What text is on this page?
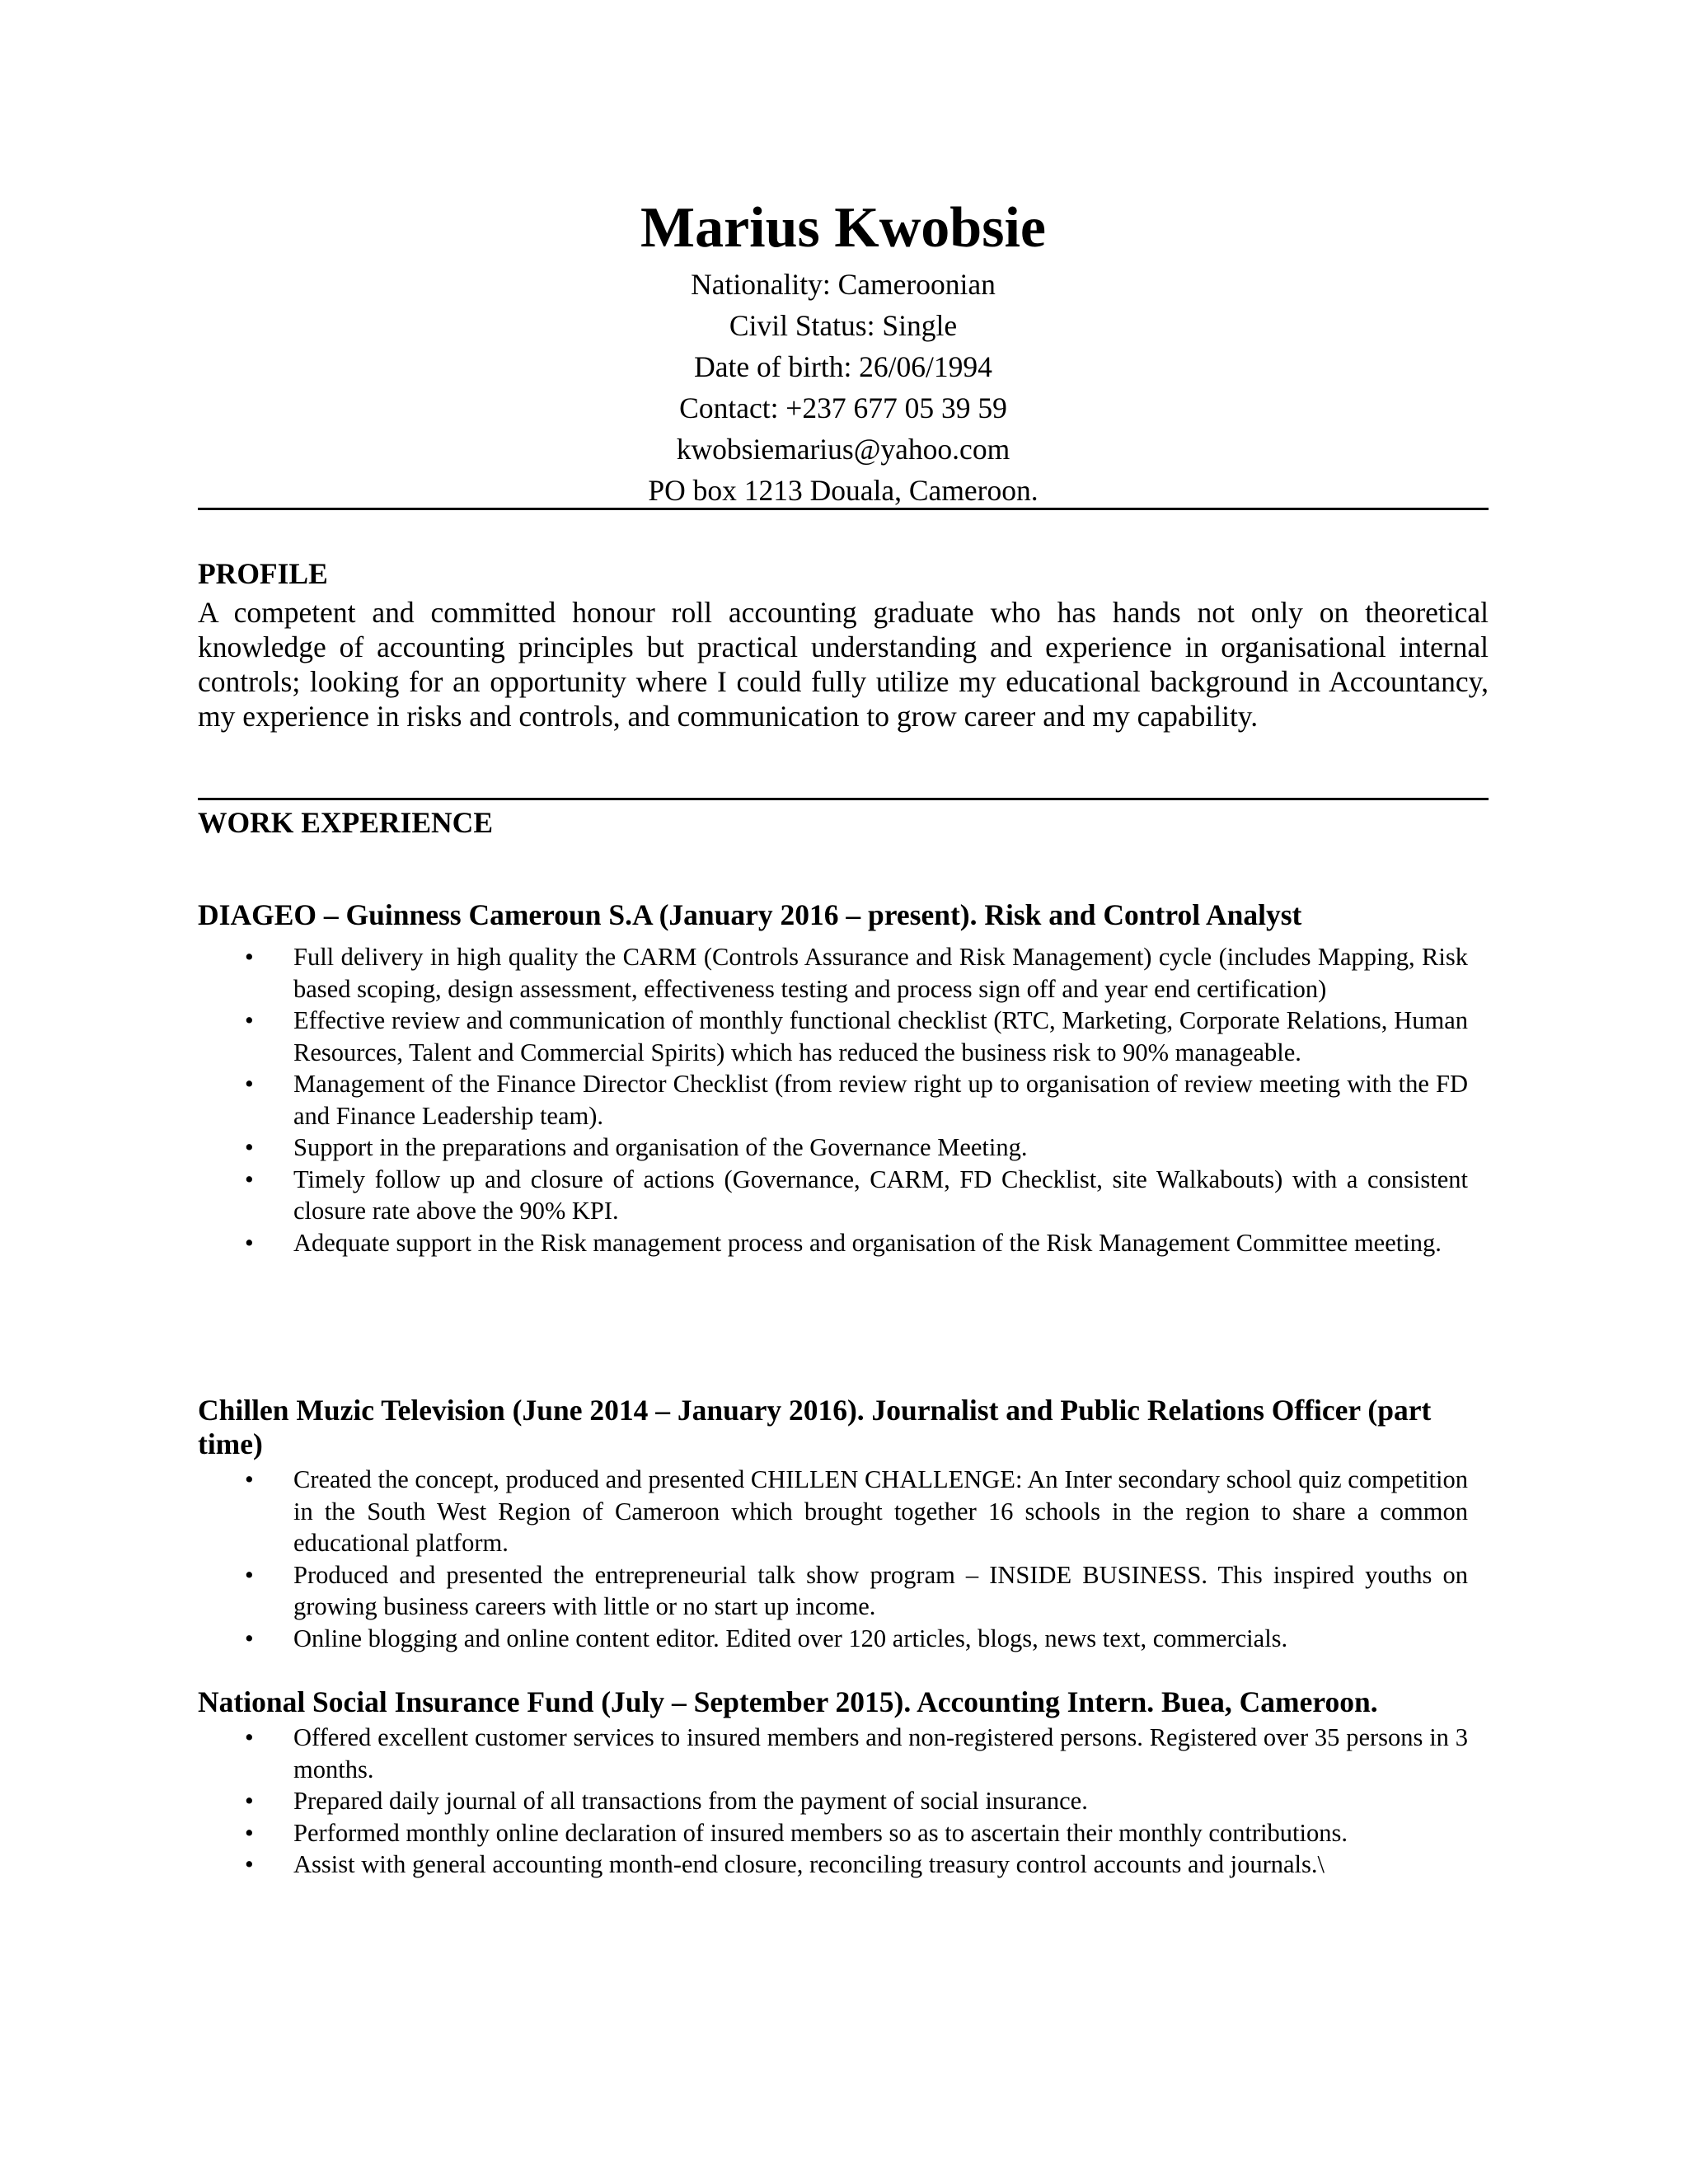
Marius Kwobsie
Nationality: Cameroonian
Civil Status: Single
Date of birth: 26/06/1994
Contact: +237 677 05 39 59
kwobsiemarius@yahoo.com
PO box 1213 Douala, Cameroon.
PROFILE

A competent and committed honour roll accounting graduate who has hands not only on theoretical knowledge of accounting principles but practical understanding and experience in organisational internal controls; looking for an opportunity where I could fully utilize my educational background in Accountancy, my experience in risks and controls, and communication to grow career and my capability.

WORK EXPERIENCE

DIAGEO – Guinness Cameroun S.A (January 2016 – present). Risk and Control Analyst

• Full delivery in high quality the CARM (Controls Assurance and Risk Management) cycle (includes Mapping, Risk based scoping, design assessment, effectiveness testing and process sign off and year end certification)
• Effective review and communication of monthly functional checklist (RTC, Marketing, Corporate Relations, Human Resources, Talent and Commercial Spirits) which has reduced the business risk to 90% manageable.
• Management of the Finance Director Checklist (from review right up to organisation of review meeting with the FD and Finance Leadership team).
• Support in the preparations and organisation of the Governance Meeting.
• Timely follow up and closure of actions (Governance, CARM, FD Checklist, site Walkabouts) with a consistent closure rate above the 90% KPI.
• Adequate support in the Risk management process and organisation of the Risk Management Committee meeting.

Chillen Muzic Television (June 2014 – January 2016). Journalist and Public Relations Officer (part time)

• Created the concept, produced and presented CHILLEN CHALLENGE: An Inter secondary school quiz competition in the South West Region of Cameroon which brought together 16 schools in the region to share a common educational platform.
• Produced and presented the entrepreneurial talk show program – INSIDE BUSINESS. This inspired youths on growing business careers with little or no start up income.
• Online blogging and online content editor. Edited over 120 articles, blogs, news text, commercials.

National Social Insurance Fund (July – September 2015). Accounting Intern. Buea, Cameroon.

• Offered excellent customer services to insured members and non-registered persons. Registered over 35 persons in 3 months.
• Prepared daily journal of all transactions from the payment of social insurance.
• Performed monthly online declaration of insured members so as to ascertain their monthly contributions.
• Assist with general accounting month-end closure, reconciling treasury control accounts and journals.\
